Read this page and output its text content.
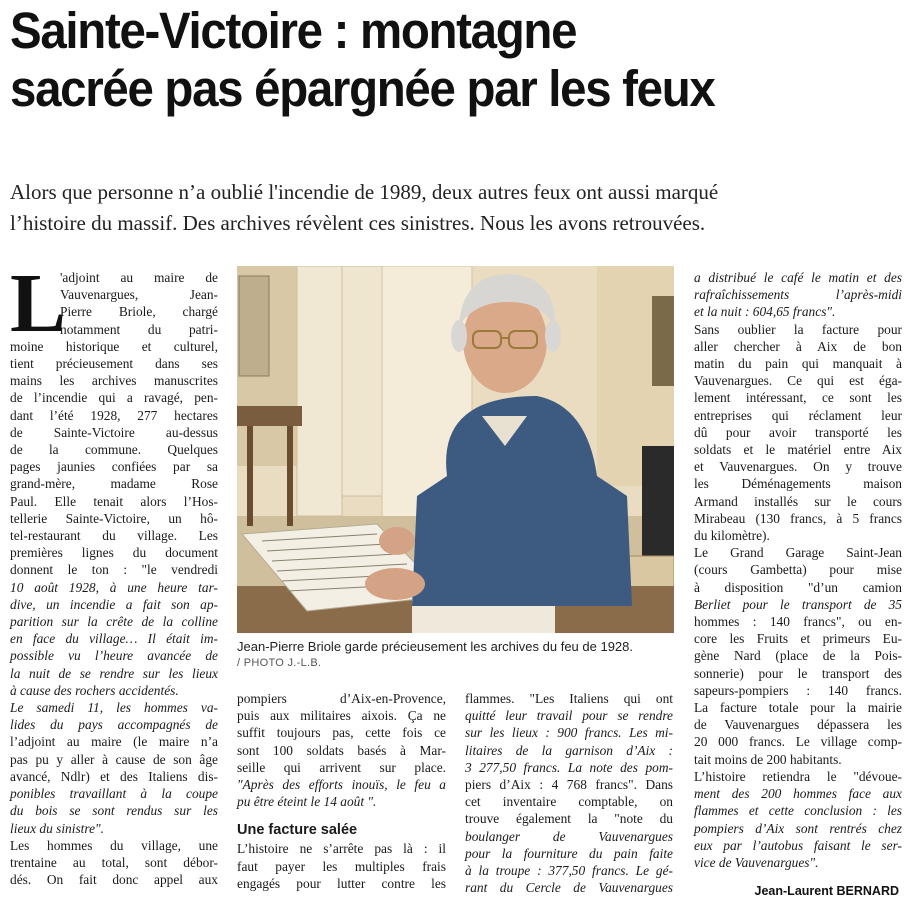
Sainte-Victoire : montagne
sacrée pas épargnée par les feux
Alors que personne n’a oublié l'incendie de 1989, deux autres feux ont aussi marqué
l’histoire du massif. Des archives révèlent ces sinistres. Nous les avons retrouvées.
L
'adjoint au maire de
Vauvenargues, Jean-
Pierre Briole, chargé
notamment du patri-
moine historique et culturel,
tient précieusement dans ses
mains les archives manuscrites
de l’incendie qui a ravagé, pen-
dant l’été 1928, 277 hectares
de Sainte-Victoire au-dessus
de la commune. Quelques
pages jaunies confiées par sa
grand-mère, madame Rose
Paul. Elle tenait alors l’Hos-
tellerie Sainte-Victoire, un hô-
tel-restaurant du village. Les
premières lignes du document
donnent le ton : "le vendredi
10 août 1928, à une heure tar-
dive, un incendie a fait son ap-
parition sur la crête de la colline
en face du village… Il était im-
possible vu l’heure avancée de
la nuit de se rendre sur les lieux
à cause des rochers accidentés.
Le samedi 11, les hommes va-
lides du pays accompagnés de
l’adjoint au maire (le maire n’a
pas pu y aller à cause de son âge
avancé, Ndlr) et des Italiens dis-
ponibles travaillant à la coupe
du bois se sont rendus sur les
lieux du sinistre".
Les hommes du village, une
trentaine au total, sont débor-
dés. On fait donc appel aux
Jean-Pierre Briole garde précieusement les archives du feu de 1928.
/ PHOTO J.-L.B.
pompiers d’Aix-en-Provence,
puis aux militaires aixois. Ça ne
suffit toujours pas, cette fois ce
sont 100 soldats basés à Mar-
seille qui arrivent sur place.
"Après des efforts inouïs, le feu a
pu être éteint le 14 août ".
Une facture salée
L’histoire ne s’arrête pas là : il
faut payer les multiples frais
engagés pour lutter contre les
flammes. "Les Italiens qui ont
quitté leur travail pour se rendre
sur les lieux : 900 francs. Les mi-
litaires de la garnison d’Aix :
3 277,50 francs. La note des pom-
piers d’Aix : 4 768 francs". Dans
cet inventaire comptable, on
trouve également la "note du
boulanger de Vauvenargues
pour la fourniture du pain faite
à la troupe : 377,50 francs. Le gé-
rant du Cercle de Vauvenargues
a distribué le café le matin et des
rafraîchissements l’après-midi
et la nuit : 604,65 francs".
Sans oublier la facture pour
aller chercher à Aix de bon
matin du pain qui manquait à
Vauvenargues. Ce qui est éga-
lement intéressant, ce sont les
entreprises qui réclament leur
dû pour avoir transporté les
soldats et le matériel entre Aix
et Vauvenargues. On y trouve
les Déménagements maison
Armand installés sur le cours
Mirabeau (130 francs, à 5 francs
du kilomètre).
Le Grand Garage Saint-Jean
(cours Gambetta) pour mise
à disposition "d’un camion
Berliet pour le transport de 35
hommes : 140 francs", ou en-
core les Fruits et primeurs Eu-
gène Nard (place de la Pois-
sonnerie) pour le transport des
sapeurs-pompiers : 140 francs.
La facture totale pour la mairie
de Vauvenargues dépassera les
20 000 francs. Le village comp-
tait moins de 200 habitants.
L’histoire retiendra le "dévoue-
ment des 200 hommes face aux
flammes et cette conclusion : les
pompiers d’Aix sont rentrés chez
eux par l’autobus faisant le ser-
vice de Vauvenargues".
Jean-Laurent BERNARD
